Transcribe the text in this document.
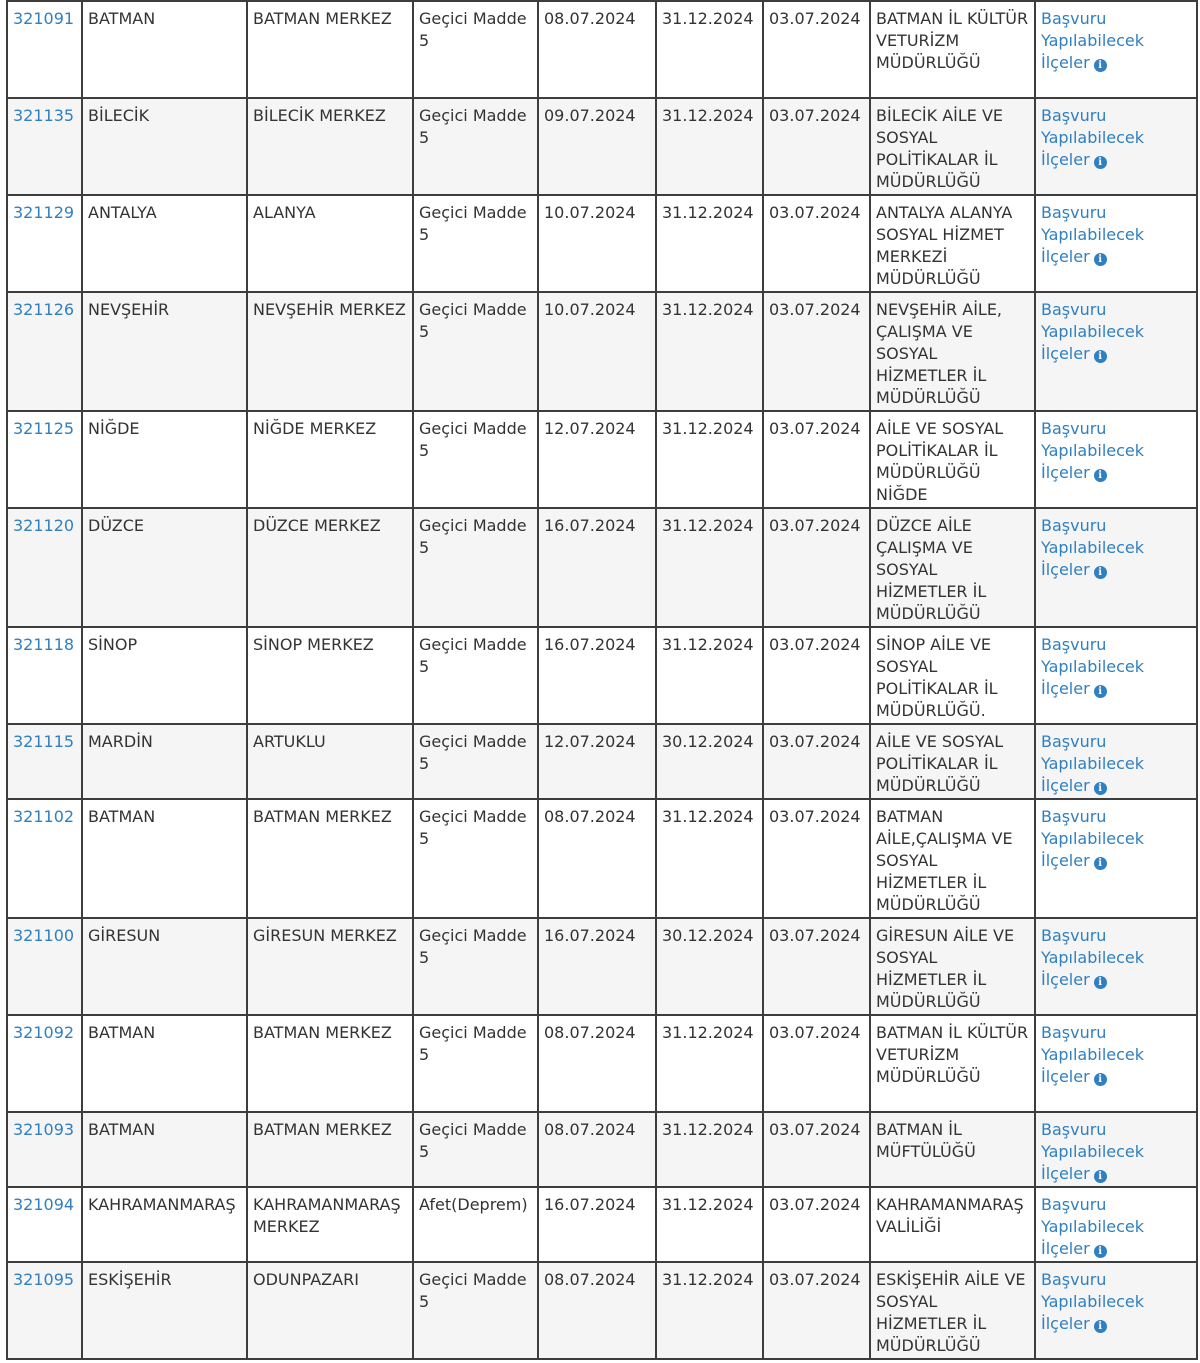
321091	BATMAN	BATMAN MERKEZ	Geçici Madde 5	08.07.2024	31.12.2024	03.07.2024	BATMAN İL KÜLTÜR VETURİZM MÜDÜRLÜĞÜ	Başvuru Yapılabilecek İlçeler i
321135	BİLECİK	BİLECİK MERKEZ	Geçici Madde 5	09.07.2024	31.12.2024	03.07.2024	BİLECİK AİLE VE SOSYAL POLİTİKALAR İL MÜDÜRLÜĞÜ	Başvuru Yapılabilecek İlçeler i
321129	ANTALYA	ALANYA	Geçici Madde 5	10.07.2024	31.12.2024	03.07.2024	ANTALYA ALANYA SOSYAL HİZMET MERKEZİ MÜDÜRLÜĞÜ	Başvuru Yapılabilecek İlçeler i
321126	NEVŞEHİR	NEVŞEHİR MERKEZ	Geçici Madde 5	10.07.2024	31.12.2024	03.07.2024	NEVŞEHİR AİLE, ÇALIŞMA VE SOSYAL HİZMETLER İL MÜDÜRLÜĞÜ	Başvuru Yapılabilecek İlçeler i
321125	NİĞDE	NİĞDE MERKEZ	Geçici Madde 5	12.07.2024	31.12.2024	03.07.2024	AİLE VE SOSYAL POLİTİKALAR İL MÜDÜRLÜĞÜ NİĞDE	Başvuru Yapılabilecek İlçeler i
321120	DÜZCE	DÜZCE MERKEZ	Geçici Madde 5	16.07.2024	31.12.2024	03.07.2024	DÜZCE AİLE ÇALIŞMA VE SOSYAL HİZMETLER İL MÜDÜRLÜĞÜ	Başvuru Yapılabilecek İlçeler i
321118	SİNOP	SİNOP MERKEZ	Geçici Madde 5	16.07.2024	31.12.2024	03.07.2024	SİNOP AİLE VE SOSYAL POLİTİKALAR İL MÜDÜRLÜĞÜ.	Başvuru Yapılabilecek İlçeler i
321115	MARDİN	ARTUKLU	Geçici Madde 5	12.07.2024	30.12.2024	03.07.2024	AİLE VE SOSYAL POLİTİKALAR İL MÜDÜRLÜĞÜ	Başvuru Yapılabilecek İlçeler i
321102	BATMAN	BATMAN MERKEZ	Geçici Madde 5	08.07.2024	31.12.2024	03.07.2024	BATMAN AİLE,ÇALIŞMA VE SOSYAL HİZMETLER İL MÜDÜRLÜĞÜ	Başvuru Yapılabilecek İlçeler i
321100	GİRESUN	GİRESUN MERKEZ	Geçici Madde 5	16.07.2024	30.12.2024	03.07.2024	GİRESUN AİLE VE SOSYAL HİZMETLER İL MÜDÜRLÜĞÜ	Başvuru Yapılabilecek İlçeler i
321092	BATMAN	BATMAN MERKEZ	Geçici Madde 5	08.07.2024	31.12.2024	03.07.2024	BATMAN İL KÜLTÜR VETURİZM MÜDÜRLÜĞÜ	Başvuru Yapılabilecek İlçeler i
321093	BATMAN	BATMAN MERKEZ	Geçici Madde 5	08.07.2024	31.12.2024	03.07.2024	BATMAN İL MÜFTÜLÜĞÜ	Başvuru Yapılabilecek İlçeler i
321094	KAHRAMANMARAŞ	KAHRAMANMARAŞ MERKEZ	Afet(Deprem)	16.07.2024	31.12.2024	03.07.2024	KAHRAMANMARAŞ VALİLİĞİ	Başvuru Yapılabilecek İlçeler i
321095	ESKİŞEHİR	ODUNPAZARI	Geçici Madde 5	08.07.2024	31.12.2024	03.07.2024	ESKİŞEHİR AİLE VE SOSYAL HİZMETLER İL MÜDÜRLÜĞÜ	Başvuru Yapılabilecek İlçeler i
